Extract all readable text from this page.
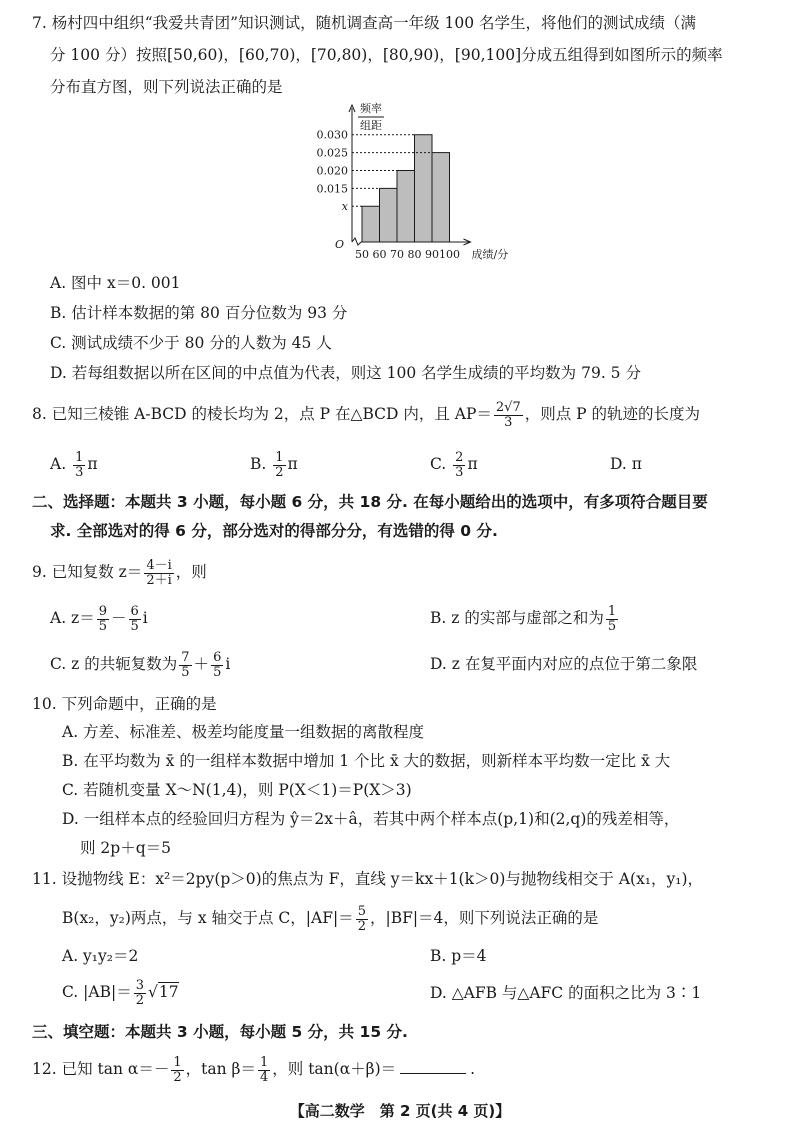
7. 杨村四中组织“我爱共青团”知识测试，随机调查高一年级 100 名学生，将他们的测试成绩（满
分 100 分）按照[50,60)，[60,70)，[70,80)，[80,90)，[90,100]分成五组得到如图所示的频率
分布直方图，则下列说法正确的是
x
0.015
0.020
0.025
0.030
50 60 70 80 90 100
O
成绩/分
频率
组距
A. 图中 x＝0. 001
B. 估计样本数据的第 80 百分位数为 93 分
C. 测试成绩不少于 80 分的人数为 45 人
D. 若每组数据以所在区间的中点值为代表，则这 100 名学生成绩的平均数为 79. 5 分
8. 已知三棱锥 A-BCD 的棱长均为 2，点 P 在△BCD 内，且 $AP= \frac{2√7}{3}$ ，则点 P 的轨迹的长度为
A. $\frac{1}{3}$ π	B. $\frac{1}{2}$ π	C. $\frac{2}{3}$ π	D. π
二、选择题：本题共 3 小题，每小题 6 分，共 18 分. 在每小题给出的选项中，有多项符合题目要
求. 全部选对的得 6 分，部分选对的得部分分，有选错的得 0 分.
9. 已知复数 $z= \frac{4-i}{2+i}$ ，则
A. $z= \frac{9}{5} - \frac{6}{5}$ i	B. z 的实部与虚部之和为 $\frac{1}{5}$
C. z 的共轭复数为 $\frac{7}{5} + \frac{6}{5}$ i	D. z 在复平面内对应的点位于第二象限
10. 下列命题中，正确的是
A. 方差、标准差、极差均能度量一组数据的离散程度
B. 在平均数为 x̄ 的一组样本数据中增加 1 个比 x̄ 大的数据，则新样本平均数一定比 x̄ 大
C. 若随机变量 X～N(1,4)，则 P(X＜1)＝P(X＞3)
D. 一组样本点的经验回归方程为 ŷ＝2x＋â，若其中两个样本点(p,1)和(2,q)的残差相等，
则 2p＋q＝5
11. 设抛物线 E：x²＝2py(p＞0)的焦点为 F，直线 y＝kx＋1(k＞0)与抛物线相交于 A(x₁，y₁)，
B(x₂，y₂)两点，与 x 轴交于点 C，$|AF|= \frac{5}{2}$ ，|BF|＝4，则下列说法正确的是
A. y₁y₂＝2	B. p＝4
C. $|AB|= \frac{3}{2} √17$	D. △AFB 与△AFC 的面积之比为 3∶1
三、填空题：本题共 3 小题，每小题 5 分，共 15 分.
12. 已知 $\tan \alpha=- \frac{1}{2}$ ，$\tan \beta= \frac{1}{4}$ ，则 tan(α＋β)＝	.
【高二数学　第 2 页(共 4 页)】
